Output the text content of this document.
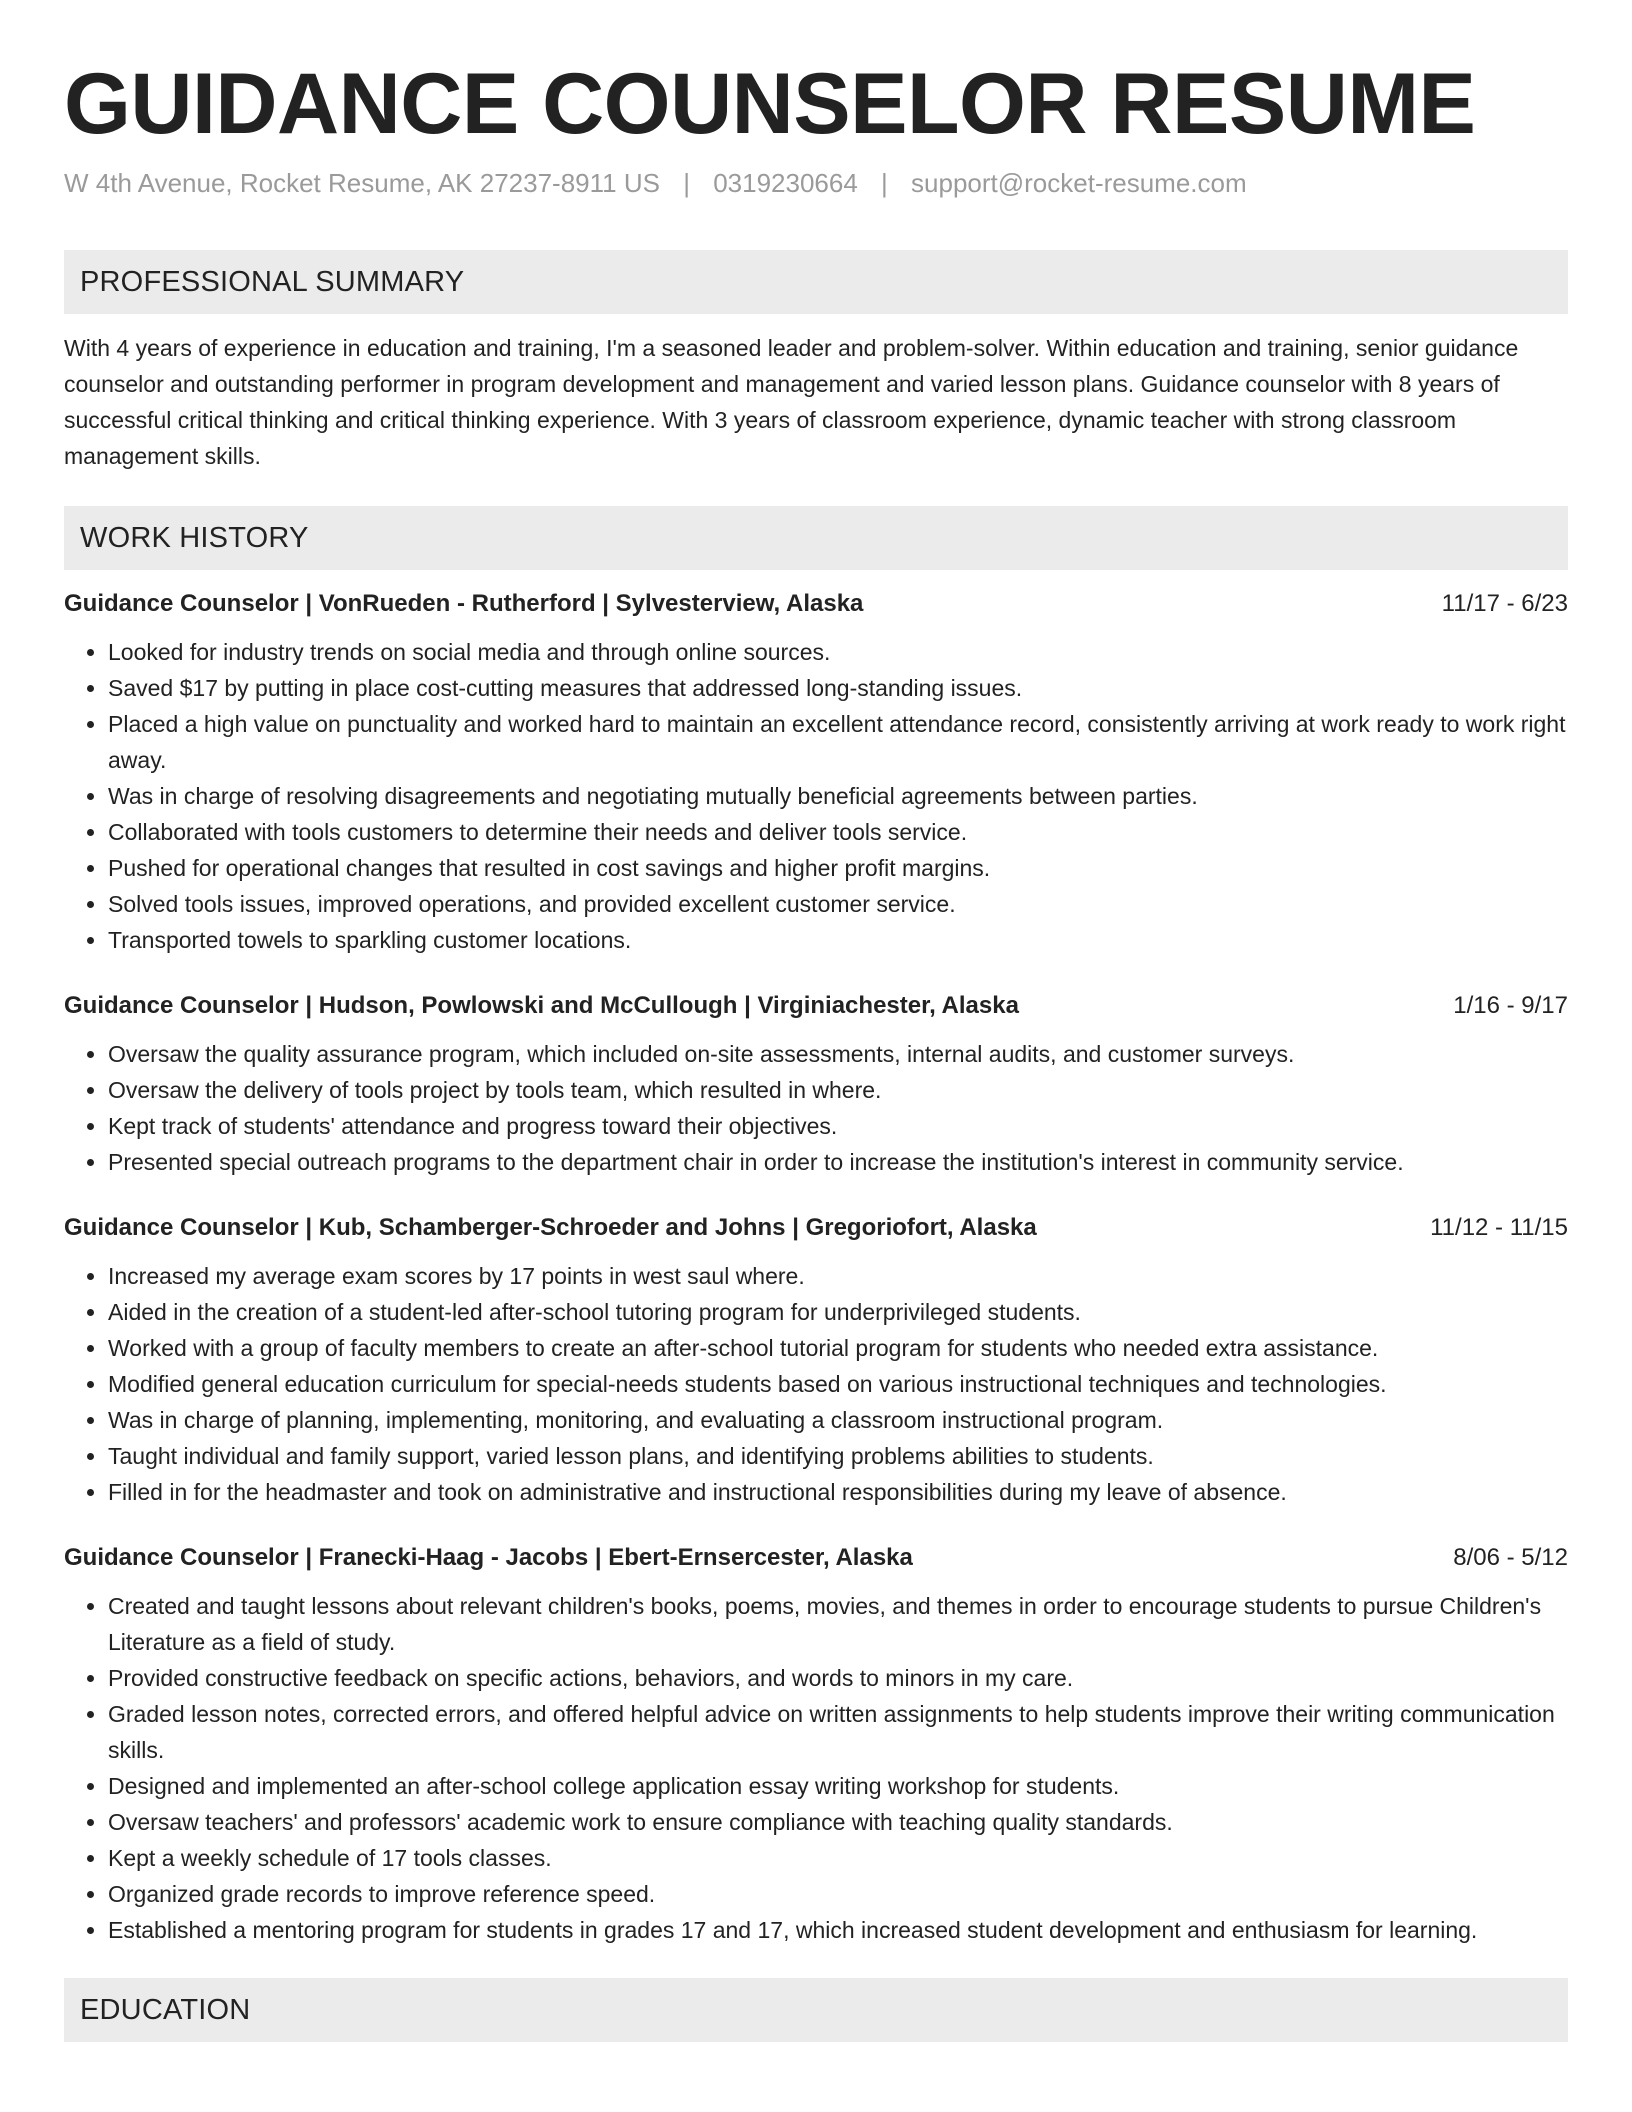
GUIDANCE COUNSELOR RESUME
W 4th Avenue, Rocket Resume, AK 27237-8911 US | 0319230664 | support@rocket-resume.com
PROFESSIONAL SUMMARY

With 4 years of experience in education and training, I'm a seasoned leader and problem-solver. Within education and training, senior guidance counselor and outstanding performer in program development and management and varied lesson plans. Guidance counselor with 8 years of successful critical thinking and critical thinking experience. With 3 years of classroom experience, dynamic teacher with strong classroom management skills.

WORK HISTORY
Guidance Counselor | VonRueden - Rutherford | Sylvesterview, Alaska	11/17 - 6/23
• Looked for industry trends on social media and through online sources.
• Saved $17 by putting in place cost-cutting measures that addressed long-standing issues.
• Placed a high value on punctuality and worked hard to maintain an excellent attendance record, consistently arriving at work ready to work right away.
• Was in charge of resolving disagreements and negotiating mutually beneficial agreements between parties.
• Collaborated with tools customers to determine their needs and deliver tools service.
• Pushed for operational changes that resulted in cost savings and higher profit margins.
• Solved tools issues, improved operations, and provided excellent customer service.
• Transported towels to sparkling customer locations.
Guidance Counselor | Hudson, Powlowski and McCullough | Virginiachester, Alaska	1/16 - 9/17
• Oversaw the quality assurance program, which included on-site assessments, internal audits, and customer surveys.
• Oversaw the delivery of tools project by tools team, which resulted in where.
• Kept track of students' attendance and progress toward their objectives.
• Presented special outreach programs to the department chair in order to increase the institution's interest in community service.
Guidance Counselor | Kub, Schamberger-Schroeder and Johns | Gregoriofort, Alaska	11/12 - 11/15
• Increased my average exam scores by 17 points in west saul where.
• Aided in the creation of a student-led after-school tutoring program for underprivileged students.
• Worked with a group of faculty members to create an after-school tutorial program for students who needed extra assistance.
• Modified general education curriculum for special-needs students based on various instructional techniques and technologies.
• Was in charge of planning, implementing, monitoring, and evaluating a classroom instructional program.
• Taught individual and family support, varied lesson plans, and identifying problems abilities to students.
• Filled in for the headmaster and took on administrative and instructional responsibilities during my leave of absence.
Guidance Counselor | Franecki-Haag - Jacobs | Ebert-Ernsercester, Alaska	8/06 - 5/12
• Created and taught lessons about relevant children's books, poems, movies, and themes in order to encourage students to pursue Children's Literature as a field of study.
• Provided constructive feedback on specific actions, behaviors, and words to minors in my care.
• Graded lesson notes, corrected errors, and offered helpful advice on written assignments to help students improve their writing communication skills.
• Designed and implemented an after-school college application essay writing workshop for students.
• Oversaw teachers' and professors' academic work to ensure compliance with teaching quality standards.
• Kept a weekly schedule of 17 tools classes.
• Organized grade records to improve reference speed.
• Established a mentoring program for students in grades 17 and 17, which increased student development and enthusiasm for learning.
EDUCATION
